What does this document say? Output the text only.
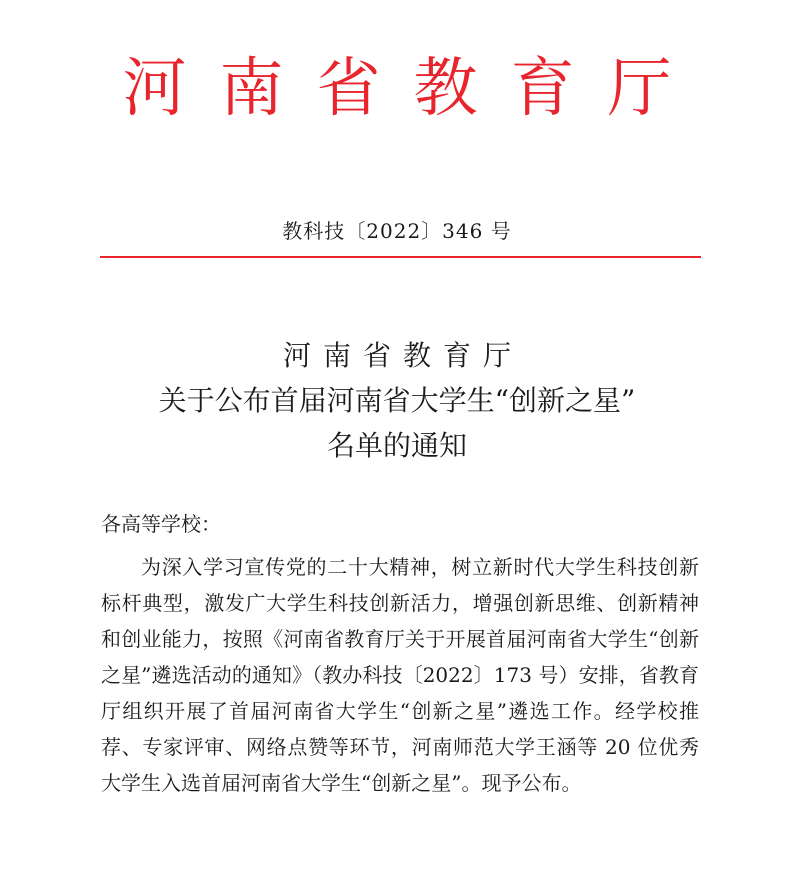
河南省教育厅
教科技〔2022〕346 号
河南省教育厅
关于公布首届河南省大学生“创新之星”
名单的通知
各高等学校：
为深入学习宣传党的二十大精神，树立新时代大学生科技创新标杆典型，激发广大学生科技创新活力，增强创新思维、创新精神和创业能力，按照《河南省教育厅关于开展首届河南省大学生“创新之星”遴选活动的通知》（教办科技〔2022〕173 号）安排，省教育厅组织开展了首届河南省大学生“创新之星”遴选工作。经学校推荐、专家评审、网络点赞等环节，河南师范大学王涵等 20 位优秀大学生入选首届河南省大学生“创新之星”。现予公布。
